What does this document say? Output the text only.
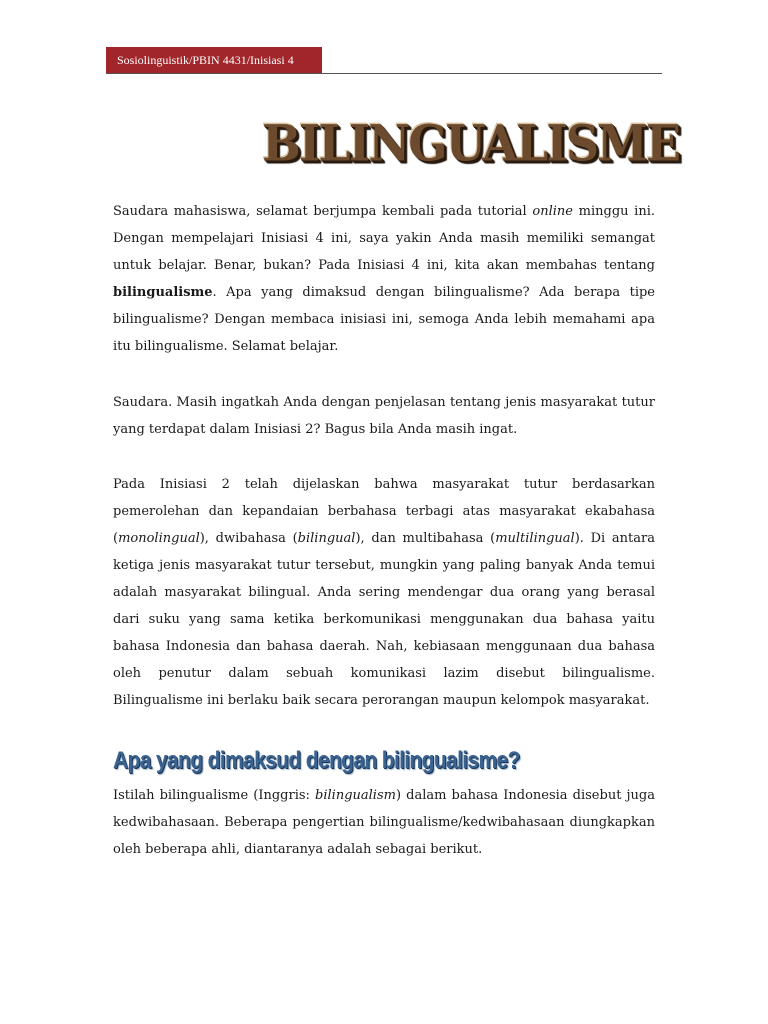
Sosiolinguistik/PBIN 4431/Inisiasi 4
BILINGUALISME

Saudara mahasiswa, selamat berjumpa kembali pada tutorial online minggu ini. Dengan mempelajari Inisiasi 4 ini, saya yakin Anda masih memiliki semangat untuk belajar. Benar, bukan? Pada Inisiasi 4 ini, kita akan membahas tentang bilingualisme. Apa yang dimaksud dengan bilingualisme? Ada berapa tipe bilingualisme? Dengan membaca inisiasi ini, semoga Anda lebih memahami apa itu bilingualisme. Selamat belajar.

Saudara. Masih ingatkah Anda dengan penjelasan tentang jenis masyarakat tutur yang terdapat dalam Inisiasi 2? Bagus bila Anda masih ingat.

Pada Inisiasi 2 telah dijelaskan bahwa masyarakat tutur berdasarkan pemerolehan dan kepandaian berbahasa terbagi atas masyarakat ekabahasa (monolingual), dwibahasa (bilingual), dan multibahasa (multilingual). Di antara ketiga jenis masyarakat tutur tersebut, mungkin yang paling banyak Anda temui adalah masyarakat bilingual. Anda sering mendengar dua orang yang berasal dari suku yang sama ketika berkomunikasi menggunakan dua bahasa yaitu bahasa Indonesia dan bahasa daerah. Nah, kebiasaan menggunaan dua bahasa oleh penutur dalam sebuah komunikasi lazim disebut bilingualisme. Bilingualisme ini berlaku baik secara perorangan maupun kelompok masyarakat.

Apa yang dimaksud dengan bilingualisme?

Istilah bilingualisme (Inggris: bilingualism) dalam bahasa Indonesia disebut juga kedwibahasaan. Beberapa pengertian bilingualisme/kedwibahasaan diungkapkan oleh beberapa ahli, diantaranya adalah sebagai berikut.
